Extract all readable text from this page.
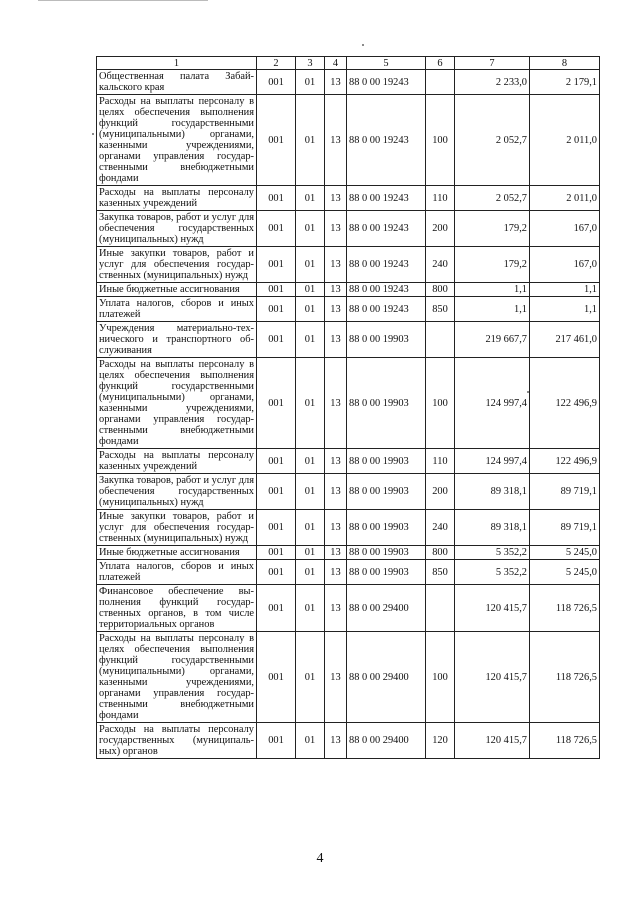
1	2	3	4	5	6	7	8
Общественная палата Забайкальского края	001	01	13	88 0 00 19243		2 233,0	2 179,1
Расходы на выплаты персоналу в целях обеспечения выполнения функций государственными (муниципальными) органами, казенными учреждениями, органами управления государственными внебюджетными фондами	001	01	13	88 0 00 19243	100	2 052,7	2 011,0
Расходы на выплаты персоналу казенных учреждений	001	01	13	88 0 00 19243	110	2 052,7	2 011,0
Закупка товаров, работ и услуг для обеспечения государственных (муниципальных) нужд	001	01	13	88 0 00 19243	200	179,2	167,0
Иные закупки товаров, работ и услуг для обеспечения государственных (муниципальных) нужд	001	01	13	88 0 00 19243	240	179,2	167,0
Иные бюджетные ассигнования	001	01	13	88 0 00 19243	800	1,1	1,1
Уплата налогов, сборов и иных платежей	001	01	13	88 0 00 19243	850	1,1	1,1
Учреждения материально-технического и транспортного обслуживания	001	01	13	88 0 00 19903		219 667,7	217 461,0
Расходы на выплаты персоналу в целях обеспечения выполнения функций государственными (муниципальными) органами, казенными учреждениями, органами управления государственными внебюджетными фондами	001	01	13	88 0 00 19903	100	124 997,4	122 496,9
Расходы на выплаты персоналу казенных учреждений	001	01	13	88 0 00 19903	110	124 997,4	122 496,9
Закупка товаров, работ и услуг для обеспечения государственных (муниципальных) нужд	001	01	13	88 0 00 19903	200	89 318,1	89 719,1
Иные закупки товаров, работ и услуг для обеспечения государственных (муниципальных) нужд	001	01	13	88 0 00 19903	240	89 318,1	89 719,1
Иные бюджетные ассигнования	001	01	13	88 0 00 19903	800	5 352,2	5 245,0
Уплата налогов, сборов и иных платежей	001	01	13	88 0 00 19903	850	5 352,2	5 245,0
Финансовое обеспечение выполнения функций государственных органов, в том числе территориальных органов	001	01	13	88 0 00 29400		120 415,7	118 726,5
Расходы на выплаты персоналу в целях обеспечения выполнения функций государственными (муниципальными) органами, казенными учреждениями, органами управления государственными внебюджетными фондами	001	01	13	88 0 00 29400	100	120 415,7	118 726,5
Расходы на выплаты персоналу государственных (муниципальных) органов	001	01	13	88 0 00 29400	120	120 415,7	118 726,5
4
